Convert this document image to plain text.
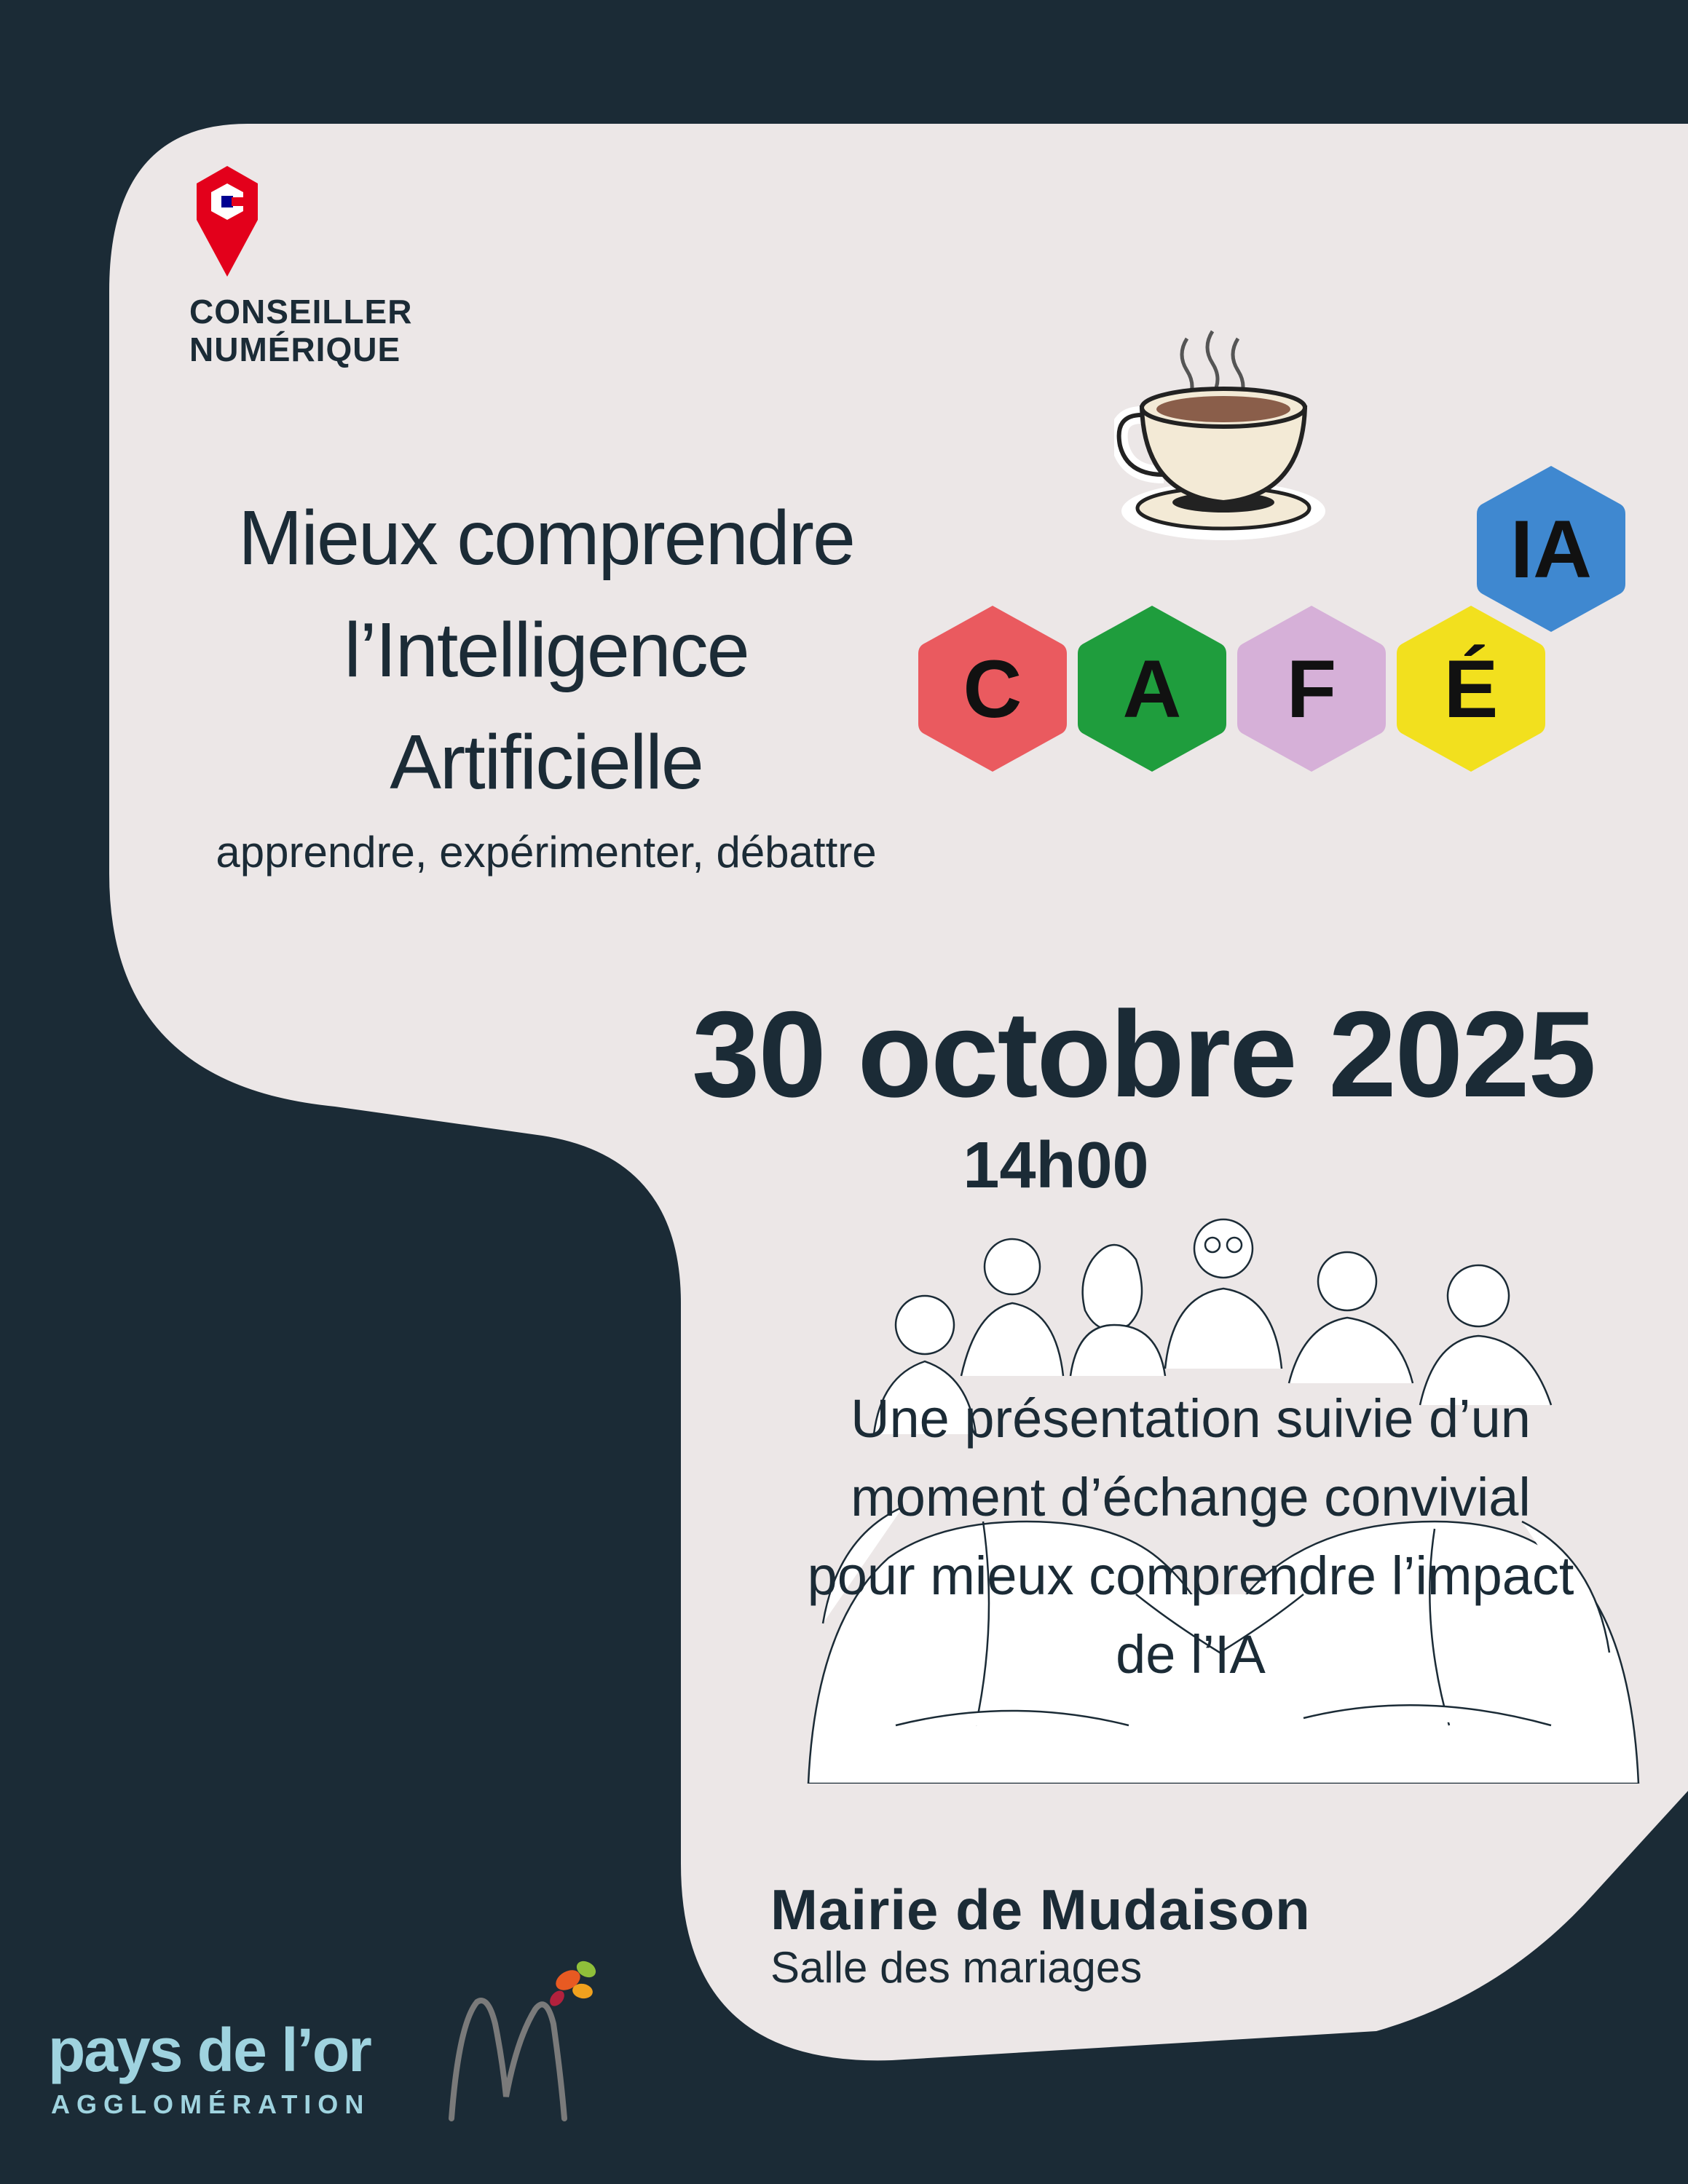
CONSEILLER
NUMÉRIQUE
Mieux comprendre
l’Intelligence
Artificielle
apprendre, expérimenter, débattre
C	A	F	É
IA
30 octobre 2025
14h00
Une présentation suivie d’un
moment d’échange convivial
pour mieux comprendre l’impact
de l’IA
Mairie de Mudaison
Salle des mariages
pays de l’or
AGGLOMÉRATION
